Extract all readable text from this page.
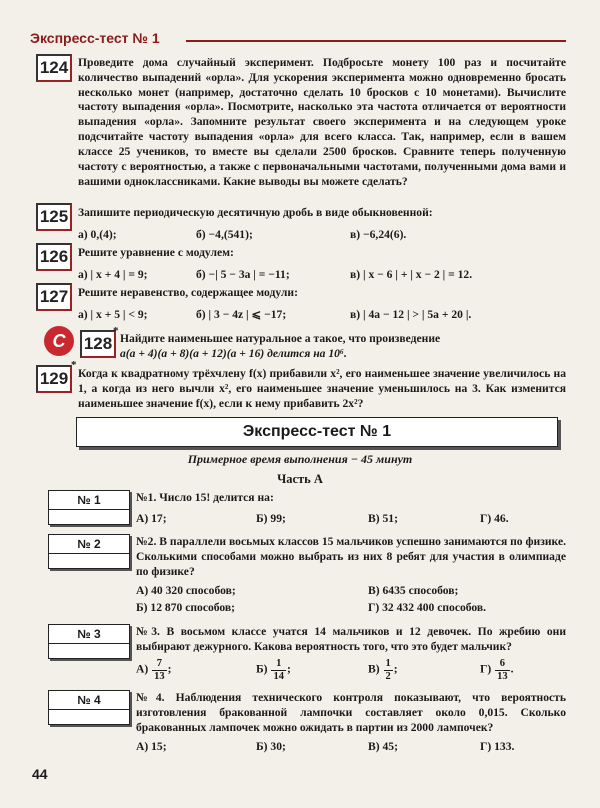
Экспресс-тест № 1
124 Проведите дома случайный эксперимент. Подбросьте монету 100 раз и посчитайте количество выпадений «орла». Для ускорения эксперимента можно одновременно бросать несколько монет (например, достаточно сделать 10 бросков с 10 монетами). Вычислите частоту выпадения «орла». Посмотрите, насколько эта частота отличается от вероятности выпадения «орла». Запомните результат своего эксперимента и на следующем уроке подсчитайте частоту выпадения «орла» для всего класса. Так, например, если в вашем классе 25 учеников, то вместе вы сделали 2500 бросков. Сравните теперь полученную частоту с вероятностью, а также с первоначальными частотами, полученными дома вами и вашими одноклассниками. Какие выводы вы можете сделать?
125 Запишите периодическую десятичную дробь в виде обыкновенной:
а) 0,(4);	б) −4,(541);	в) −6,24(6).
126 Решите уравнение с модулем:
а) | x + 4 | = 9;	б) −| 5 − 3a | = −11;	в) | x − 6 | + | x − 2 | = 12.
127 Решите неравенство, содержащее модули:
а) | x + 5 | < 9;	б) | 3 − 4z | ⩽ −17;	в) | 4a − 12 | > | 5a + 20 |.
С	128
*
Найдите наименьшее натуральное a такое, что произведение
a(a + 4)(a + 8)(a + 12)(a + 16) делится на 10⁶.
129
*
Когда к квадратному трёхчлену f(x) прибавили x², его наименьшее значение увеличилось на 1, а когда из него вычли x², его наименьшее значение уменьшилось на 3. Как изменится наименьшее значение f(x), если к нему прибавить 2x²?
Экспресс-тест № 1
Примерное время выполнения − 45 минут
Часть А
№ 1	№1. Число 15! делится на:
А) 17;	Б) 99;	В) 51;	Г) 46.
№ 2	№2. В параллели восьмых классов 15 мальчиков успешно занимаются по физике. Сколькими способами можно выбрать из них 8 ребят для участия в олимпиаде по физике?
А) 40 320 способов;
Б) 12 870 способов;
В) 6435 способов;
Г) 32 432 400 способов.
№ 3	№3. В восьмом классе учатся 14 мальчиков и 12 девочек. По жребию они выбирают дежурного. Какова вероятность того, что это будет мальчик?
$А) \frac{7}{13}$ ;	$Б) \frac{1}{14}$ ;	$В) \frac{1}{2}$ ;	$Г) \frac{6}{13}$ .
№ 4	№4. Наблюдения технического контроля показывают, что вероятность изготовления бракованной лампочки составляет около 0,015. Сколько бракованных лампочек можно ожидать в партии из 2000 лампочек?
А) 15;	Б) 30;	В) 45;	Г) 133.
44
